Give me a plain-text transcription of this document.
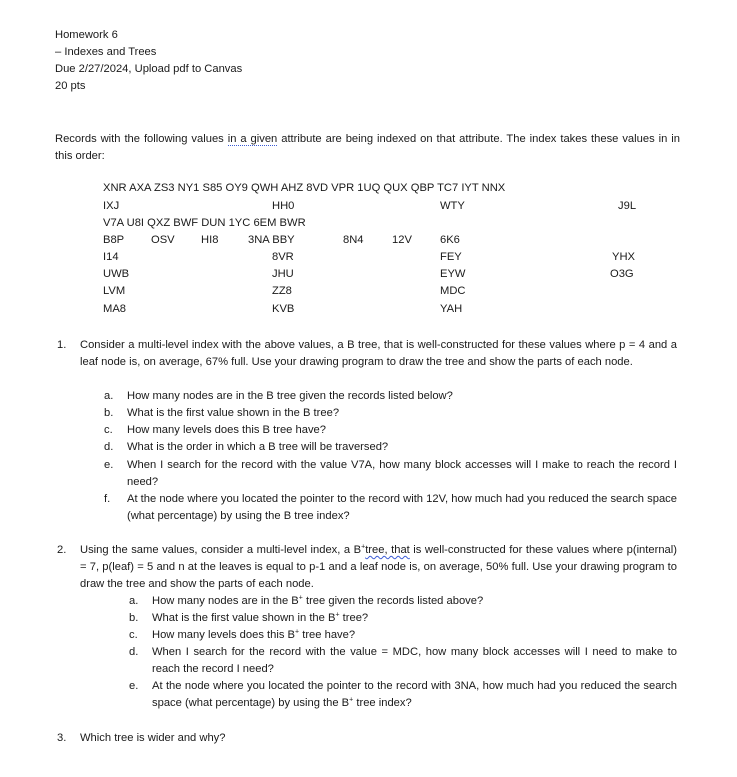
Homework 6
– Indexes and Trees
Due 2/27/2024, Upload pdf to Canvas
20 pts
Records with the following values in a given attribute are being indexed on that attribute. The index takes these values in in this order:
XNR AXA ZS3 NY1 S85 OY9 QWH AHZ 8VD VPR 1UQ QUX QBP TC7 IYT NNX
IXJ	HH0	WTY	J9L
V7A U8I QXZ BWF DUN 1YC 6EM BWR
B8P OSV HI8	3NA BBY	8N4	12V	6K6
I14	8VR	FEY	YHX
UWB	JHU	EYW	O3G
LVM	ZZ8	MDC
MA8	KVB	YAH
1. Consider a multi-level index with the above values, a B tree, that is well-constructed for these values where p = 4 and a leaf node is, on average, 67% full. Use your drawing program to draw the tree and show the parts of each node.
a. How many nodes are in the B tree given the records listed below?
b. What is the first value shown in the B tree?
c. How many levels does this B tree have?
d. What is the order in which a B tree will be traversed?
e. When I search for the record with the value V7A, how many block accesses will I make to reach the record I need?
f. At the node where you located the pointer to the record with 12V, how much had you reduced the search space (what percentage) by using the B tree index?
2. Using the same values, consider a multi-level index, a B+tree, that is well-constructed for these values where p(internal) = 7, p(leaf) = 5 and n at the leaves is equal to p-1 and a leaf node is, on average, 50% full. Use your drawing program to draw the tree and show the parts of each node.
a. How many nodes are in the B+ tree given the records listed above?
b. What is the first value shown in the B+ tree?
c. How many levels does this B+ tree have?
d. When I search for the record with the value = MDC, how many block accesses will I need to make to reach the record I need?
e. At the node where you located the pointer to the record with 3NA, how much had you reduced the search space (what percentage) by using the B+ tree index?
3. Which tree is wider and why?
